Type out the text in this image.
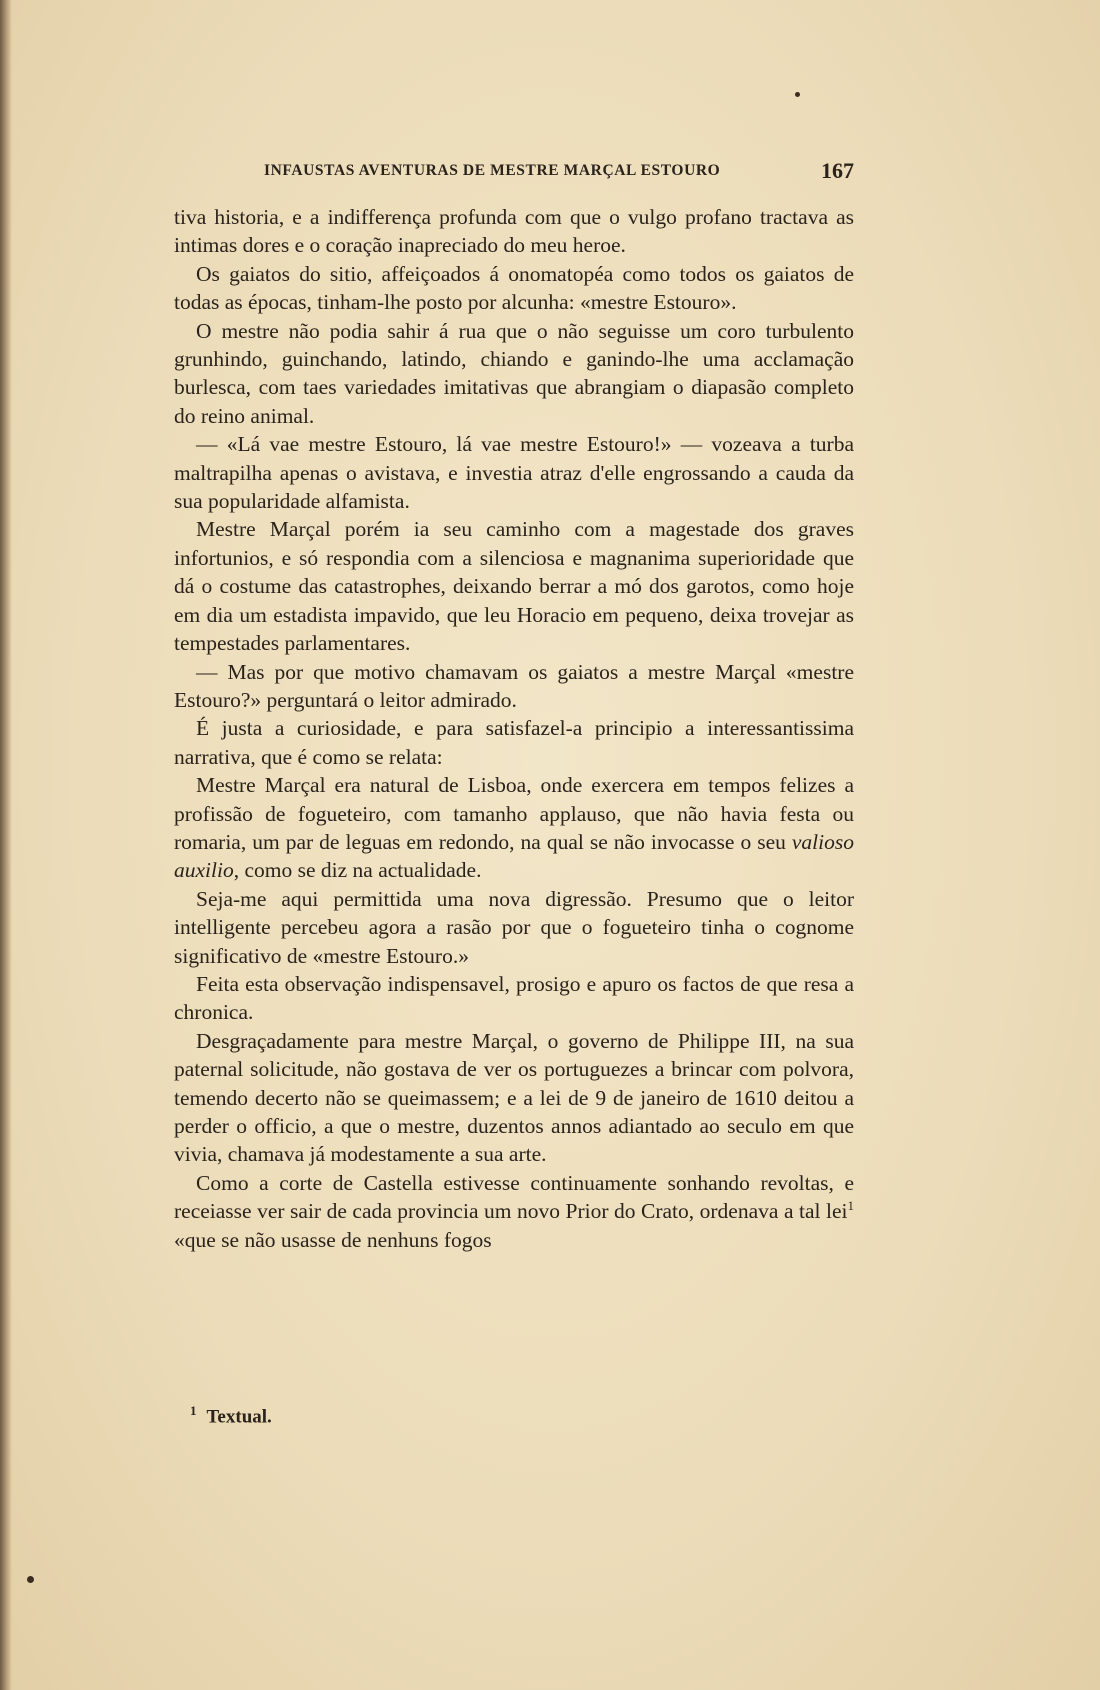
INFAUSTAS AVENTURAS DE MESTRE MARÇAL ESTOURO	167

tiva historia, e a indifferença profunda com que o vulgo profano tractava as intimas dores e o coração inapreciado do meu heroe.

Os gaiatos do sitio, affeiçoados á onomatopéa como todos os gaiatos de todas as épocas, tinham-lhe posto por alcunha: «mestre Estouro».

O mestre não podia sahir á rua que o não seguisse um coro turbulento grunhindo, guinchando, latindo, chiando e ganindo-lhe uma acclamação burlesca, com taes variedades imitativas que abrangiam o diapasão completo do reino animal.

— «Lá vae mestre Estouro, lá vae mestre Estouro!» — vozeava a turba maltrapilha apenas o avistava, e investia atraz d'elle engrossando a cauda da sua popularidade alfamista.

Mestre Marçal porém ia seu caminho com a magestade dos graves infortunios, e só respondia com a silenciosa e magnanima superioridade que dá o costume das catastrophes, deixando berrar a mó dos garotos, como hoje em dia um estadista impavido, que leu Horacio em pequeno, deixa trovejar as tempestades parlamentares.

— Mas por que motivo chamavam os gaiatos a mestre Marçal «mestre Estouro?» perguntará o leitor admirado.

É justa a curiosidade, e para satisfazel-a principio a interessantissima narrativa, que é como se relata:

Mestre Marçal era natural de Lisboa, onde exercera em tempos felizes a profissão de fogueteiro, com tamanho applauso, que não havia festa ou romaria, um par de leguas em redondo, na qual se não invocasse o seu valioso auxilio, como se diz na actualidade.

Seja-me aqui permittida uma nova digressão. Presumo que o leitor intelligente percebeu agora a rasão por que o fogueteiro tinha o cognome significativo de «mestre Estouro.»

Feita esta observação indispensavel, prosigo e apuro os factos de que resa a chronica.

Desgraçadamente para mestre Marçal, o governo de Philippe III, na sua paternal solicitude, não gostava de ver os portuguezes a brincar com polvora, temendo decerto não se queimassem; e a lei de 9 de janeiro de 1610 deitou a perder o officio, a que o mestre, duzentos annos adiantado ao seculo em que vivia, chamava já modestamente a sua arte.

Como a corte de Castella estivesse continuamente sonhando revoltas, e receiasse ver sair de cada provincia um novo Prior do Crato, ordenava a tal lei$^1$ «que se não usasse de nenhuns fogos

$^1$ Textual.
